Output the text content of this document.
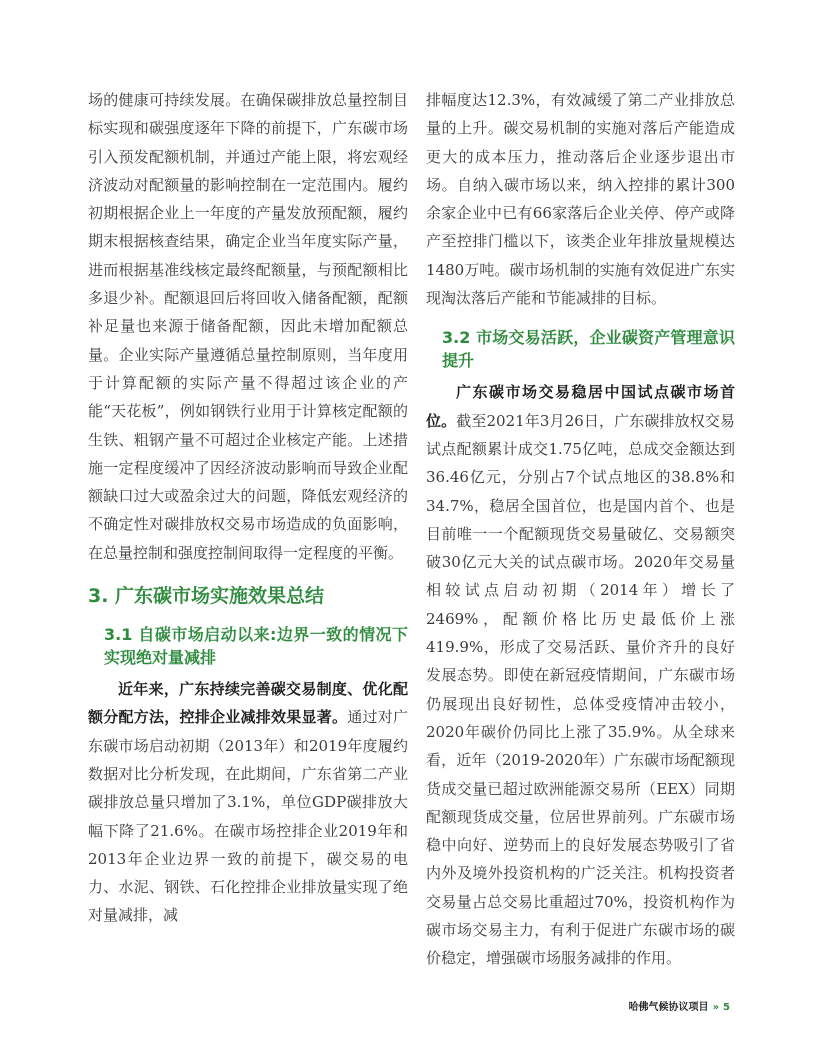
场的健康可持续发展。在确保碳排放总量控制目标实现和碳强度逐年下降的前提下，广东碳市场引入预发配额机制，并通过产能上限，将宏观经济波动对配额量的影响控制在一定范围内。履约初期根据企业上一年度的产量发放预配额，履约期末根据核查结果，确定企业当年度实际产量，进而根据基准线核定最终配额量，与预配额相比多退少补。配额退回后将回收入储备配额，配额补足量也来源于储备配额，因此未增加配额总量。企业实际产量遵循总量控制原则，当年度用于计算配额的实际产量不得超过该企业的产能“天花板”，例如钢铁行业用于计算核定配额的生铁、粗钢产量不可超过企业核定产能。上述措施一定程度缓冲了因经济波动影响而导致企业配额缺口过大或盈余过大的问题，降低宏观经济的不确定性对碳排放权交易市场造成的负面影响，在总量控制和强度控制间取得一定程度的平衡。

3. 广东碳市场实施效果总结
3.1 自碳市场启动以来:边界一致的情况下实现绝对量减排

近年来，广东持续完善碳交易制度、优化配额分配方法，控排企业减排效果显著。通过对广东碳市场启动初期（2013年）和2019年度履约数据对比分析发现，在此期间，广东省第二产业碳排放总量只增加了3.1%，单位GDP碳排放大幅下降了21.6%。在碳市场控排企业2019年和2013年企业边界一致的前提下，碳交易的电力、水泥、钢铁、石化控排企业排放量实现了绝对量减排，减

排幅度达12.3%，有效减缓了第二产业排放总量的上升。碳交易机制的实施对落后产能造成更大的成本压力，推动落后企业逐步退出市场。自纳入碳市场以来，纳入控排的累计300余家企业中已有66家落后企业关停、停产或降产至控排门槛以下，该类企业年排放量规模达1480万吨。碳市场机制的实施有效促进广东实现淘汰落后产能和节能减排的目标。

3.2 市场交易活跃，企业碳资产管理意识提升

广东碳市场交易稳居中国试点碳市场首位。截至2021年3月26日，广东碳排放权交易试点配额累计成交1.75亿吨，总成交金额达到36.46亿元，分别占7个试点地区的38.8%和34.7%，稳居全国首位，也是国内首个、也是目前唯一一个配额现货交易量破亿、交易额突破30亿元大关的试点碳市场。2020年交易量相较试点启动初期（2014年）增长了2469%，配额价格比历史最低价上涨419.9%，形成了交易活跃、量价齐升的良好发展态势。即使在新冠疫情期间，广东碳市场仍展现出良好韧性，总体受疫情冲击较小，2020年碳价仍同比上涨了35.9%。从全球来看，近年（2019-2020年）广东碳市场配额现货成交量已超过欧洲能源交易所（EEX）同期配额现货成交量，位居世界前列。广东碳市场稳中向好、逆势而上的良好发展态势吸引了省内外及境外投资机构的广泛关注。机构投资者交易量占总交易比重超过70%，投资机构作为碳市场交易主力，有利于促进广东碳市场的碳价稳定，增强碳市场服务减排的作用。

哈佛气候协议项目 » 5
